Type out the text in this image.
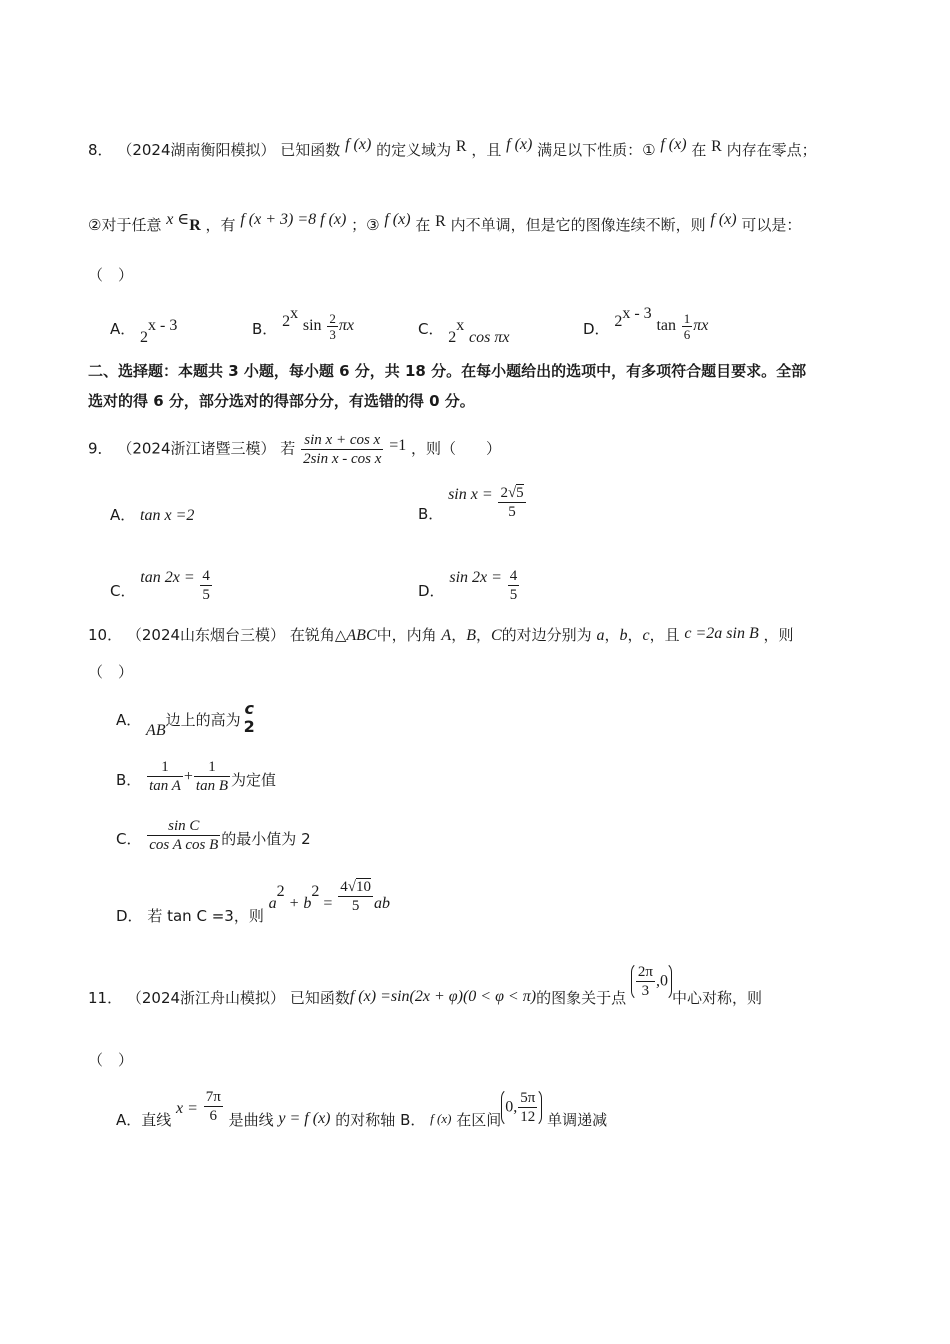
8． （2024湖南衡阳模拟） 已知函数 f (x) 的定义域为 R ，且 f (x) 满足以下性质：① f (x) 在 R 内存在零点；
②对于任意 x ∈R ，有 f (x + 3) =8 f (x) ；③ f (x) 在 R 内不单调，但是它的图像连续不断，则 f (x) 可以是：
（　）
A． 2$^{x - 3}$	B． 2$^x$ $\sin \frac{2}{3}$ πx	C． 2$^x$ cos πx	D． 2$^{x - 3}$ $\tan \frac{1}{6}$ πx
二、选择题：本题共 3 小题，每小题 6 分，共 18 分。在每小题给出的选项中，有多项符合题目要求。全部
选对的得 6 分，部分选对的得部分分，有选错的得 0 分。
9． （2024浙江诸暨三模） 若 $\frac{\text{sin x + cos x}}{\text{2sin x - cos x}} =1$ ，则（　　）
A． tan x =2	B． $\sin x = \frac{2√5}{5}$
C． $\tan 2x = \frac{4}{5}$	D． $\sin 2x = \frac{4}{5}$
10． （2024山东烟台三模） 在锐角△ABC中，内角 A，B，C的对边分别为 a，b，c，且 c =2a sin B ，则
（　）
A． AB边上的高为
c
2
B． $\frac{1}{\text{tan A}} + \frac{1}{\text{tan B}}$ 为定值
C． $\frac{\text{sin C}}{\text{cos A cos B}}$ 的最小值为 2
D． 若 tan C =3，则 $a^2 + b^2 = \frac{4√10}{5}$ ab
11． （2024浙江舟山模拟） 已知函数f (x) =sin(2x + φ)(0 < φ < π)的图象关于点 $\frac{2\pi}{3} ,0$中心对称，则
（　）
A．直线 $x = \frac{7\pi}{6}$ 是曲线 y = f (x) 的对称轴 B． f (x) 在区间0, $\frac{5\pi}{12}$ 单调递减
